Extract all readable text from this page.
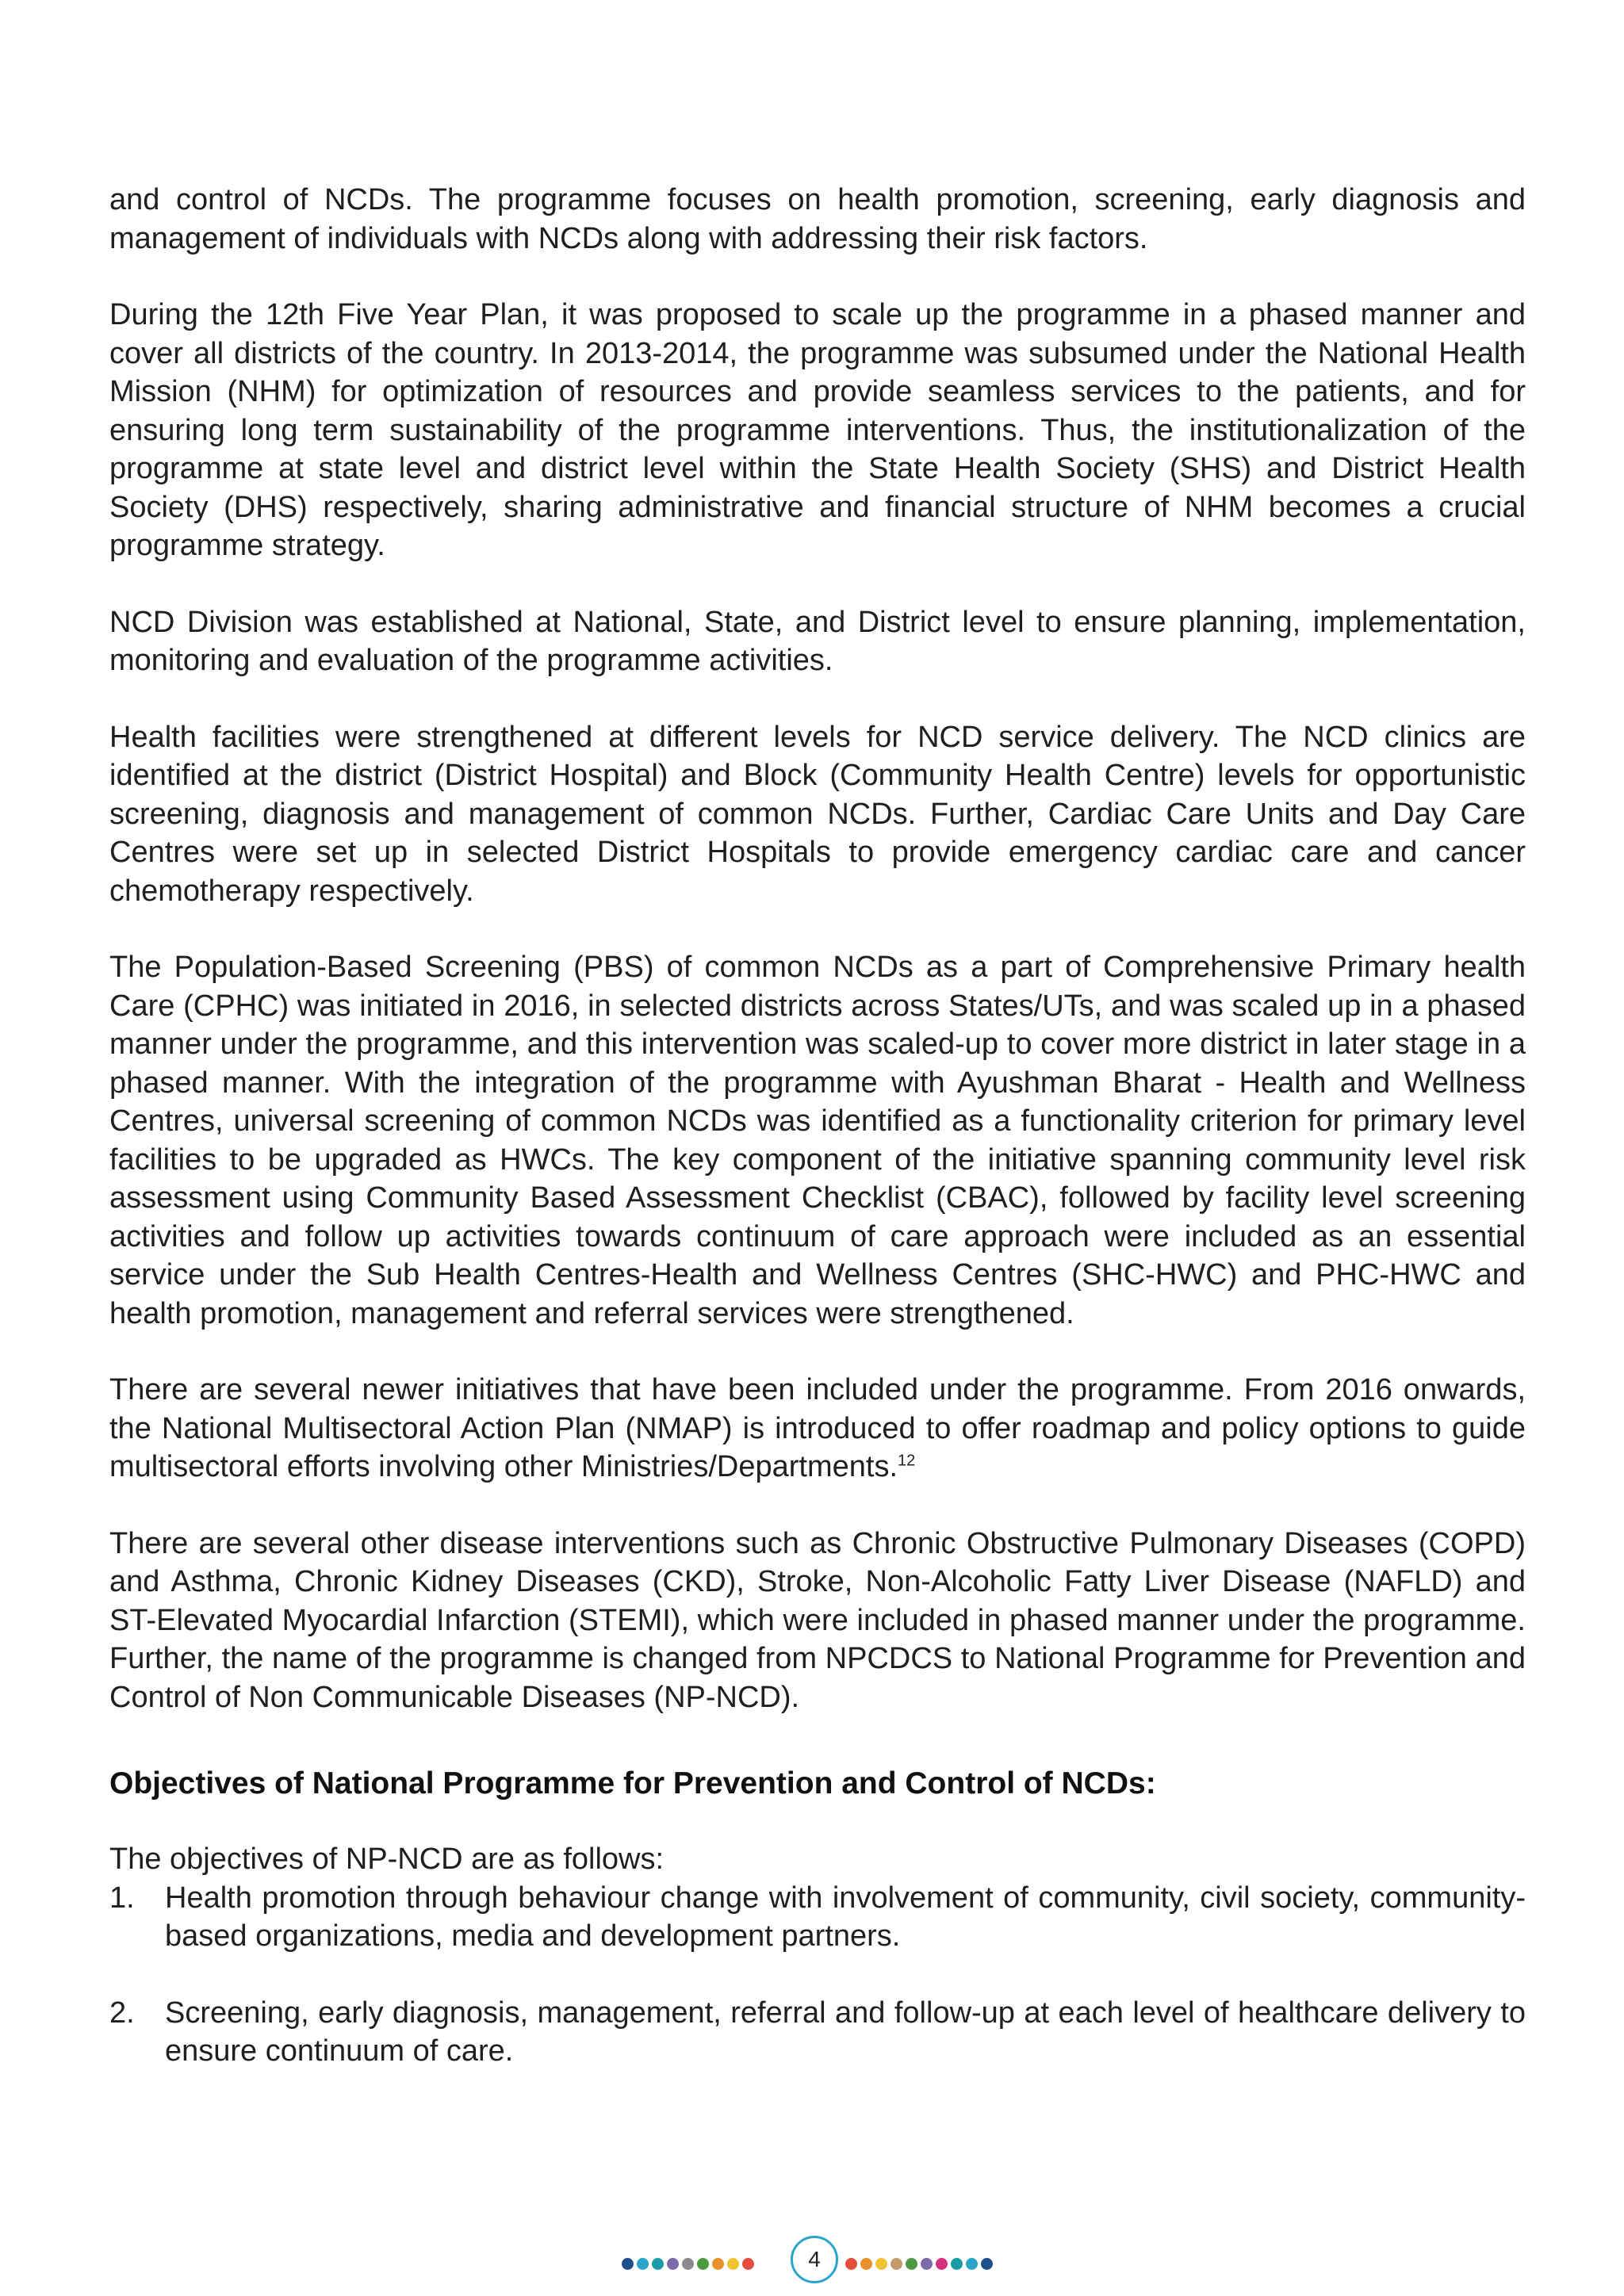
and control of NCDs. The programme focuses on health promotion, screening, early diagnosis and management of individuals with NCDs along with addressing their risk factors.

During the 12th Five Year Plan, it was proposed to scale up the programme in a phased manner and cover all districts of the country. In 2013-2014, the programme was subsumed under the National Health Mission (NHM) for optimization of resources and provide seamless services to the patients, and for ensuring long term sustainability of the programme interventions. Thus, the institutionalization of the programme at state level and district level within the State Health Society (SHS) and District Health Society (DHS) respectively, sharing administrative and financial structure of NHM becomes a crucial programme strategy.

NCD Division was established at National, State, and District level to ensure planning, implementation, monitoring and evaluation of the programme activities.

Health facilities were strengthened at different levels for NCD service delivery. The NCD clinics are identified at the district (District Hospital) and Block (Community Health Centre) levels for opportunistic screening, diagnosis and management of common NCDs. Further, Cardiac Care Units and Day Care Centres were set up in selected District Hospitals to provide emergency cardiac care and cancer chemotherapy respectively.

The Population-Based Screening (PBS) of common NCDs as a part of Comprehensive Primary health Care (CPHC) was initiated in 2016, in selected districts across States/UTs, and was scaled up in a phased manner under the programme, and this intervention was scaled-up to cover more district in later stage in a phased manner. With the integration of the programme with Ayushman Bharat - Health and Wellness Centres, universal screening of common NCDs was identified as a functionality criterion for primary level facilities to be upgraded as HWCs. The key component of the initiative spanning community level risk assessment using Community Based Assessment Checklist (CBAC), followed by facility level screening activities and follow up activities towards continuum of care approach were included as an essential service under the Sub Health Centres-Health and Wellness Centres (SHC-HWC) and PHC-HWC and health promotion, management and referral services were strengthened.

There are several newer initiatives that have been included under the programme. From 2016 onwards, the National Multisectoral Action Plan (NMAP) is introduced to offer roadmap and policy options to guide multisectoral efforts involving other Ministries/Departments.$^{12}$

There are several other disease interventions such as Chronic Obstructive Pulmonary Diseases (COPD) and Asthma, Chronic Kidney Diseases (CKD), Stroke, Non-Alcoholic Fatty Liver Disease (NAFLD) and ST-Elevated Myocardial Infarction (STEMI), which were included in phased manner under the programme. Further, the name of the programme is changed from NPCDCS to National Programme for Prevention and Control of Non Communicable Diseases (NP-NCD).

Objectives of National Programme for Prevention and Control of NCDs:

The objectives of NP-NCD are as follows:

1.	Health promotion through behaviour change with involvement of community, civil society, community-based organizations, media and development partners.
2.	Screening, early diagnosis, management, referral and follow-up at each level of healthcare delivery to ensure continuum of care.
4
